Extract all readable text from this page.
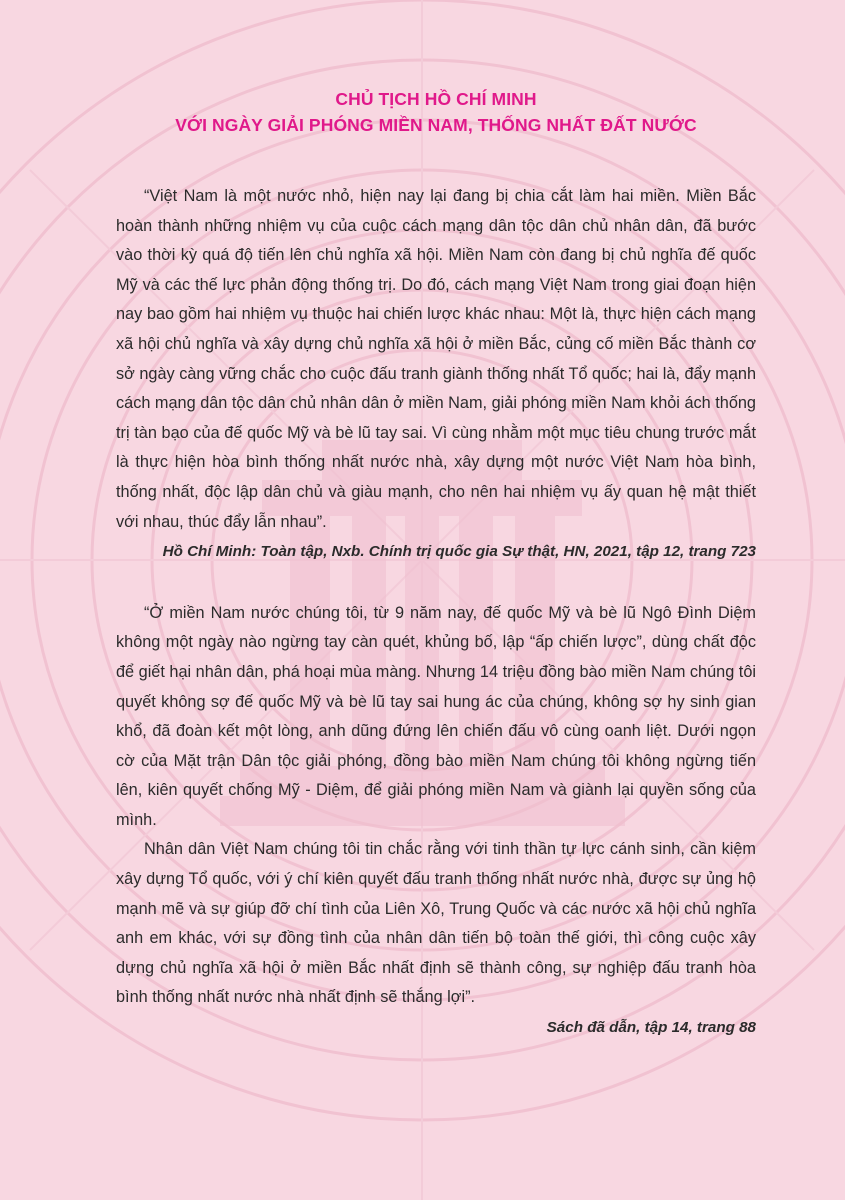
CHỦ TỊCH HỒ CHÍ MINH
VỚI NGÀY GIẢI PHÓNG MIỀN NAM, THỐNG NHẤT ĐẤT NƯỚC

“Việt Nam là một nước nhỏ, hiện nay lại đang bị chia cắt làm hai miền. Miền Bắc hoàn thành những nhiệm vụ của cuộc cách mạng dân tộc dân chủ nhân dân, đã bước vào thời kỳ quá độ tiến lên chủ nghĩa xã hội. Miền Nam còn đang bị chủ nghĩa đế quốc Mỹ và các thế lực phản động thống trị. Do đó, cách mạng Việt Nam trong giai đoạn hiện nay bao gồm hai nhiệm vụ thuộc hai chiến lược khác nhau: Một là, thực hiện cách mạng xã hội chủ nghĩa và xây dựng chủ nghĩa xã hội ở miền Bắc, củng cố miền Bắc thành cơ sở ngày càng vững chắc cho cuộc đấu tranh giành thống nhất Tổ quốc; hai là, đẩy mạnh cách mạng dân tộc dân chủ nhân dân ở miền Nam, giải phóng miền Nam khỏi ách thống trị tàn bạo của đế quốc Mỹ và bè lũ tay sai. Vì cùng nhằm một mục tiêu chung trước mắt là thực hiện hòa bình thống nhất nước nhà, xây dựng một nước Việt Nam hòa bình, thống nhất, độc lập dân chủ và giàu mạnh, cho nên hai nhiệm vụ ấy quan hệ mật thiết với nhau, thúc đẩy lẫn nhau”.

Hồ Chí Minh: Toàn tập, Nxb. Chính trị quốc gia Sự thật, HN, 2021, tập 12, trang 723

“Ở miền Nam nước chúng tôi, từ 9 năm nay, đế quốc Mỹ và bè lũ Ngô Đình Diệm không một ngày nào ngừng tay càn quét, khủng bố, lập “ấp chiến lược”, dùng chất độc để giết hại nhân dân, phá hoại mùa màng. Nhưng 14 triệu đồng bào miền Nam chúng tôi quyết không sợ đế quốc Mỹ và bè lũ tay sai hung ác của chúng, không sợ hy sinh gian khổ, đã đoàn kết một lòng, anh dũng đứng lên chiến đấu vô cùng oanh liệt. Dưới ngọn cờ của Mặt trận Dân tộc giải phóng, đồng bào miền Nam chúng tôi không ngừng tiến lên, kiên quyết chống Mỹ - Diệm, để giải phóng miền Nam và giành lại quyền sống của mình.

Nhân dân Việt Nam chúng tôi tin chắc rằng với tinh thần tự lực cánh sinh, cần kiệm xây dựng Tổ quốc, với ý chí kiên quyết đấu tranh thống nhất nước nhà, được sự ủng hộ mạnh mẽ và sự giúp đỡ chí tình của Liên Xô, Trung Quốc và các nước xã hội chủ nghĩa anh em khác, với sự đồng tình của nhân dân tiến bộ toàn thế giới, thì công cuộc xây dựng chủ nghĩa xã hội ở miền Bắc nhất định sẽ thành công, sự nghiệp đấu tranh hòa bình thống nhất nước nhà nhất định sẽ thắng lợi”.

Sách đã dẫn, tập 14, trang 88
